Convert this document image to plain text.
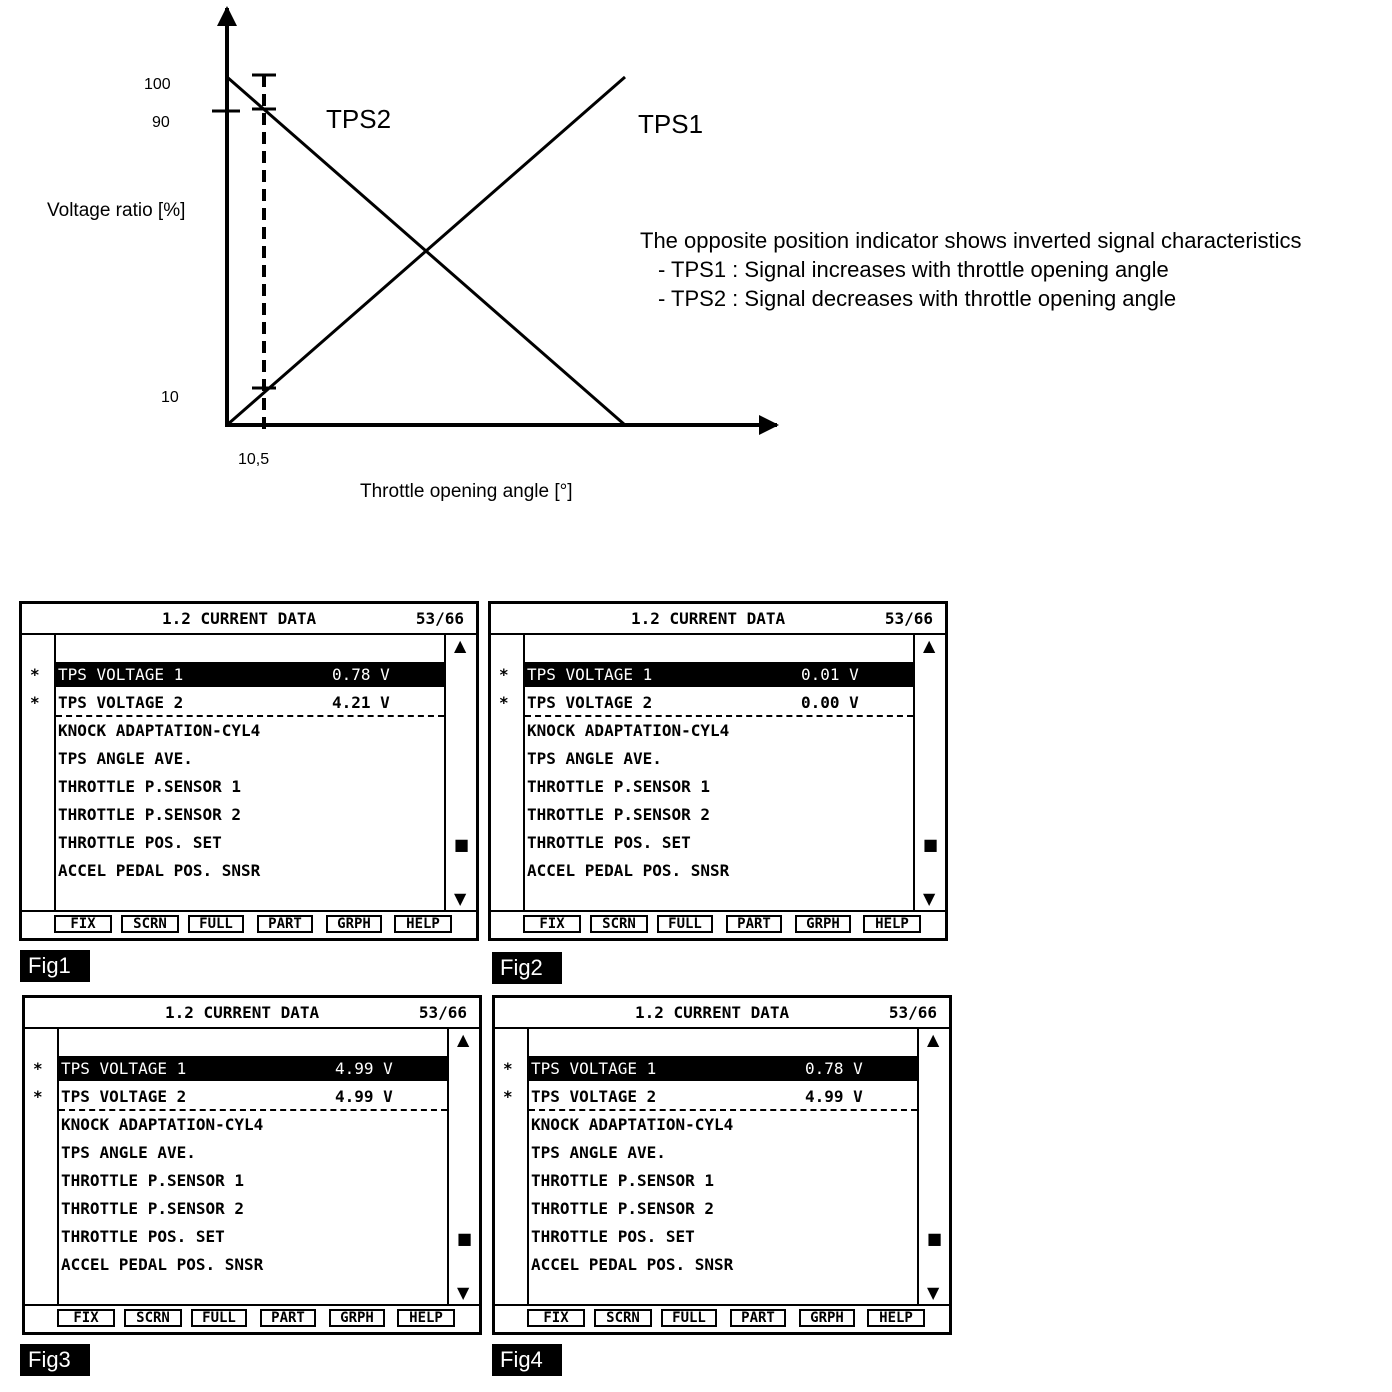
100
90
10
10,5
Voltage ratio [%]
Throttle opening angle [°]
TPS2	TPS1
The opposite position indicator shows inverted signal characteristics
- TPS1 : Signal increases with throttle opening angle
- TPS2 : Signal decreases with throttle opening angle
1.2 CURRENT DATA	53/66
▲
■
▼
*
*
TPS VOLTAGE 1	0.78 V
TPS VOLTAGE 2	4.21 V
KNOCK ADAPTATION-CYL4
TPS ANGLE AVE.
THROTTLE P.SENSOR 1
THROTTLE P.SENSOR 2
THROTTLE POS. SET
ACCEL PEDAL POS. SNSR
FIX	SCRN	FULL	PART	GRPH	HELP
Fig1
1.2 CURRENT DATA	53/66
▲
■
▼
*
*
TPS VOLTAGE 1	0.01 V
TPS VOLTAGE 2	0.00 V
KNOCK ADAPTATION-CYL4
TPS ANGLE AVE.
THROTTLE P.SENSOR 1
THROTTLE P.SENSOR 2
THROTTLE POS. SET
ACCEL PEDAL POS. SNSR
FIX	SCRN	FULL	PART	GRPH	HELP
Fig2
1.2 CURRENT DATA	53/66
▲
■
▼
*
*
TPS VOLTAGE 1	4.99 V
TPS VOLTAGE 2	4.99 V
KNOCK ADAPTATION-CYL4
TPS ANGLE AVE.
THROTTLE P.SENSOR 1
THROTTLE P.SENSOR 2
THROTTLE POS. SET
ACCEL PEDAL POS. SNSR
FIX	SCRN	FULL	PART	GRPH	HELP
Fig3
1.2 CURRENT DATA	53/66
▲
■
▼
*
*
TPS VOLTAGE 1	0.78 V
TPS VOLTAGE 2	4.99 V
KNOCK ADAPTATION-CYL4
TPS ANGLE AVE.
THROTTLE P.SENSOR 1
THROTTLE P.SENSOR 2
THROTTLE POS. SET
ACCEL PEDAL POS. SNSR
FIX	SCRN	FULL	PART	GRPH	HELP
Fig4
